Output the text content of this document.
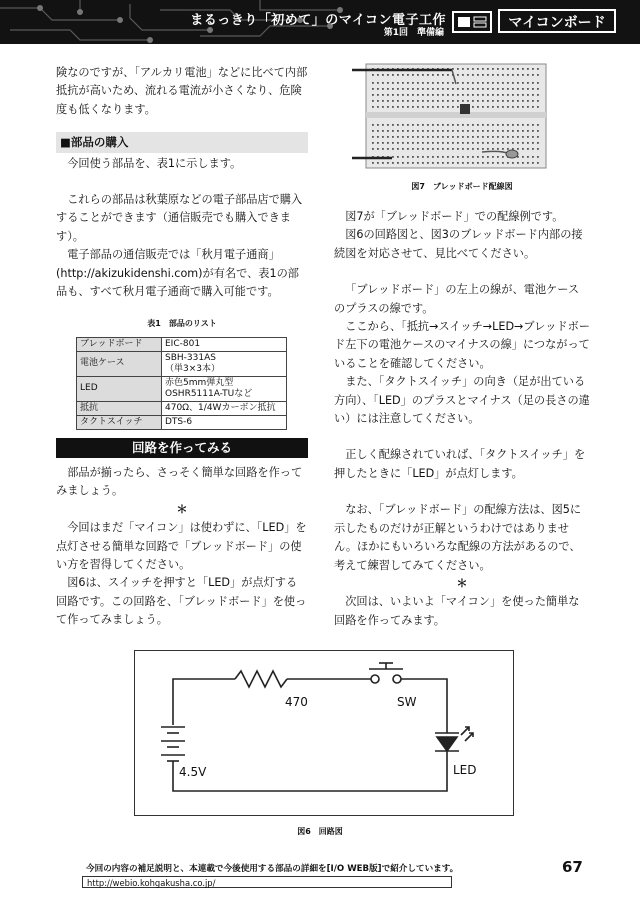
まるっきり「初めて」のマイコン電子工作
第1回　準備編
マイコンボード

険なのですが、「アルカリ電池」などに比べて内部抵抗が高いため、流れる電流が小さくなり、危険度も低くなります。

■部品の購入

今回使う部品を、表1に示します。

これらの部品は秋葉原などの電子部品店で購入することができます（通信販売でも購入できます）。

電子部品の通信販売では「秋月電子通商」(http://akizukidenshi.com)が有名で、表1の部品も、すべて秋月電子通商で購入可能です。

表1　部品のリスト
ブレッドボード	EIC-801
電池ケース	SBH-331AS
（単3×3本）

LED	赤色5mm弾丸型
OSHR5111A-TUなど

抵抗	470Ω、1/4Wカーボン抵抗
タクトスイッチ	DTS-6
回路を作ってみる

部品が揃ったら、さっそく簡単な回路を作ってみましょう。

＊

今回はまだ「マイコン」は使わずに、「LED」を点灯させる簡単な回路で「ブレッドボード」の使い方を習得してください。

図6は、スイッチを押すと「LED」が点灯する回路です。この回路を、「ブレッドボード」を使って作ってみましょう。

図7　ブレッドボード配線図

図7が「ブレッドボード」での配線例です。

図6の回路図と、図3のブレッドボード内部の接続図を対応させて、見比べてください。

「ブレッドボード」の左上の線が、電池ケースのプラスの線です。

ここから、「抵抗→スイッチ→LED→ブレッドボード左下の電池ケースのマイナスの線」につながっていることを確認してください。

また、「タクトスイッチ」の向き（足が出ている方向）、「LED」のプラスとマイナス（足の長さの違い）には注意してください。

正しく配線されていれば、「タクトスイッチ」を押したときに「LED」が点灯します。

なお、「ブレッドボード」の配線方法は、図5に示したものだけが正解というわけではありません。ほかにもいろいろな配線の方法があるので、考えて練習してみてください。

＊

次回は、いよいよ「マイコン」を使った簡単な回路を作ってみます。

470	SW
4.5V	LED
図6　回路図
今回の内容の補足説明と、本連載で今後使用する部品の詳細を[I/O WEB版]で紹介しています。
http://webio.kohgakusha.co.jp/
67
